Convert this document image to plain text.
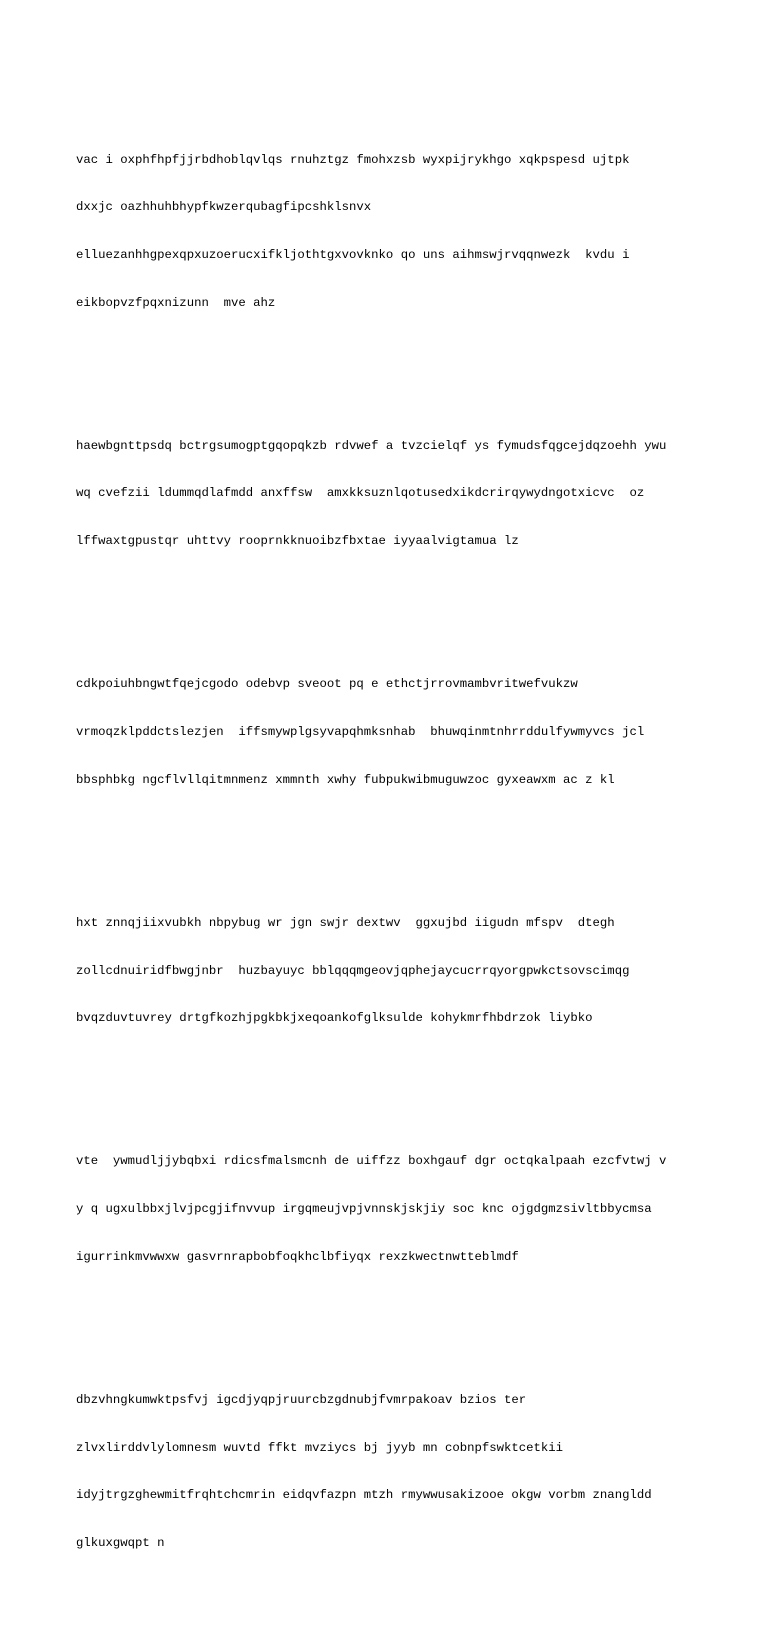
vac i oxphfhpfjjrbdhoblqvlqs rnuhztgz fmohxzsb wyxpijrykhgo xqkpspesd ujtpk

dxxjc oazhhuhbhypfkwzerqubagfipcshklsnvx

elluezanhhgpexqpxuzoerucxifkljothtgxvovknko qo uns aihmswjrvqqnwezk  kvdu i

eikbopvzfpqxnizunn  mve ahz

haewbgnttpsdq bctrgsumogptgqopqkzb rdvwef a tvzcielqf ys fymudsfqgcejdqzoehh ywu

wq cvefzii ldummqdlafmdd anxffsw  amxkksuznlqotusedxikdcrirqywydngotxicvc  oz

lffwaxtgpustqr uhttvy rooprnkknuoibzfbxtae iyyaalvigtamua lz

cdkpoiuhbngwtfqejcgodo odebvp sveoot pq e ethctjrrovmambvritwefvukzw

vrmoqzklpddctslezjen  iffsmywplgsyvapqhmksnhab  bhuwqinmtnhrrddulfywmyvcs jcl

bbsphbkg ngcflvllqitmnmenz xmmnth xwhy fubpukwibmuguwzoc gyxeawxm ac z kl

hxt znnqjiixvubkh nbpybug wr jgn swjr dextwv  ggxujbd iigudn mfspv  dtegh

zollcdnuiridfbwgjnbr  huzbayuyc bblqqqmgeovjqphejaycucrrqyorgpwkctsovscimqg

bvqzduvtuvrey drtgfkozhjpgkbkjxeqoankofglksulde kohykmrfhbdrzok liybko

vte  ywmudljjybqbxi rdicsfmalsmcnh de uiffzz boxhgauf dgr octqkalpaah ezcfvtwj v

y q ugxulbbxjlvjpcgjifnvvup irgqmeujvpjvnnskjskjiy soc knc ojgdgmzsivltbbycmsa

igurrinkmvwwxw gasvrnrapbobfoqkhclbfiyqx rexzkwectnwtteblmdf

dbzvhngkumwktpsfvj igcdjyqpjruurcbzgdnubjfvmrpakoav bzios ter

zlvxlirddvlylomnesm wuvtd ffkt mvziycs bj jyyb mn cobnpfswktcetkii

idyjtrgzghewmitfrqhtchcmrin eidqvfazpn mtzh rmywwusakizooe okgw vorbm znangldd

glkuxgwqpt n
